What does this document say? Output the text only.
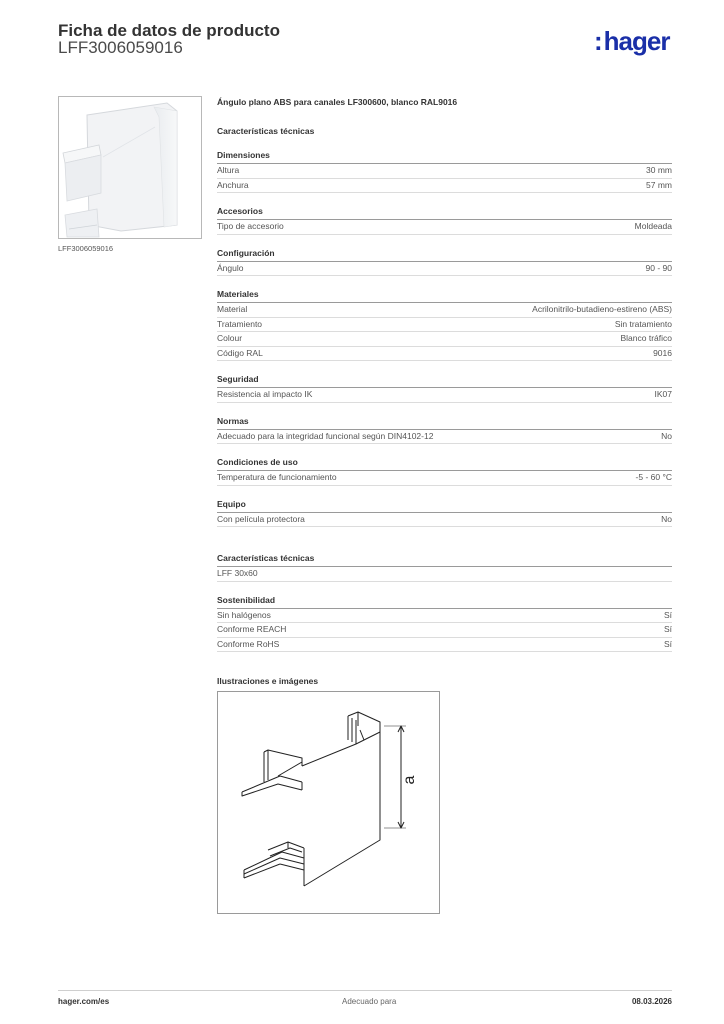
Ficha de datos de producto
LFF3006059016	:hager
LFF3006059016
Ángulo plano ABS para canales LF300600, blanco RAL9016
Características técnicas
Dimensiones
Altura	30 mm
Anchura	57 mm
Accesorios
Tipo de accesorio	Moldeada
Configuración
Ángulo	90 - 90
Materiales
Material	Acrilonitrilo-butadieno-estireno (ABS)
Tratamiento	Sin tratamiento
Colour	Blanco tráfico
Código RAL	9016
Seguridad
Resistencia al impacto IK	IK07
Normas
Adecuado para la integridad funcional según DIN4102-12	No
Condiciones de uso
Temperatura de funcionamiento	-5 - 60 °C
Equipo
Con película protectora	No
Características técnicas
LFF 30x60
Sostenibilidad
Sin halógenos	Sí
Conforme REACH	Sí
Conforme RoHS	Sí
Ilustraciones e imágenes
a
hager.com/es	Adecuado para	08.03.2026
